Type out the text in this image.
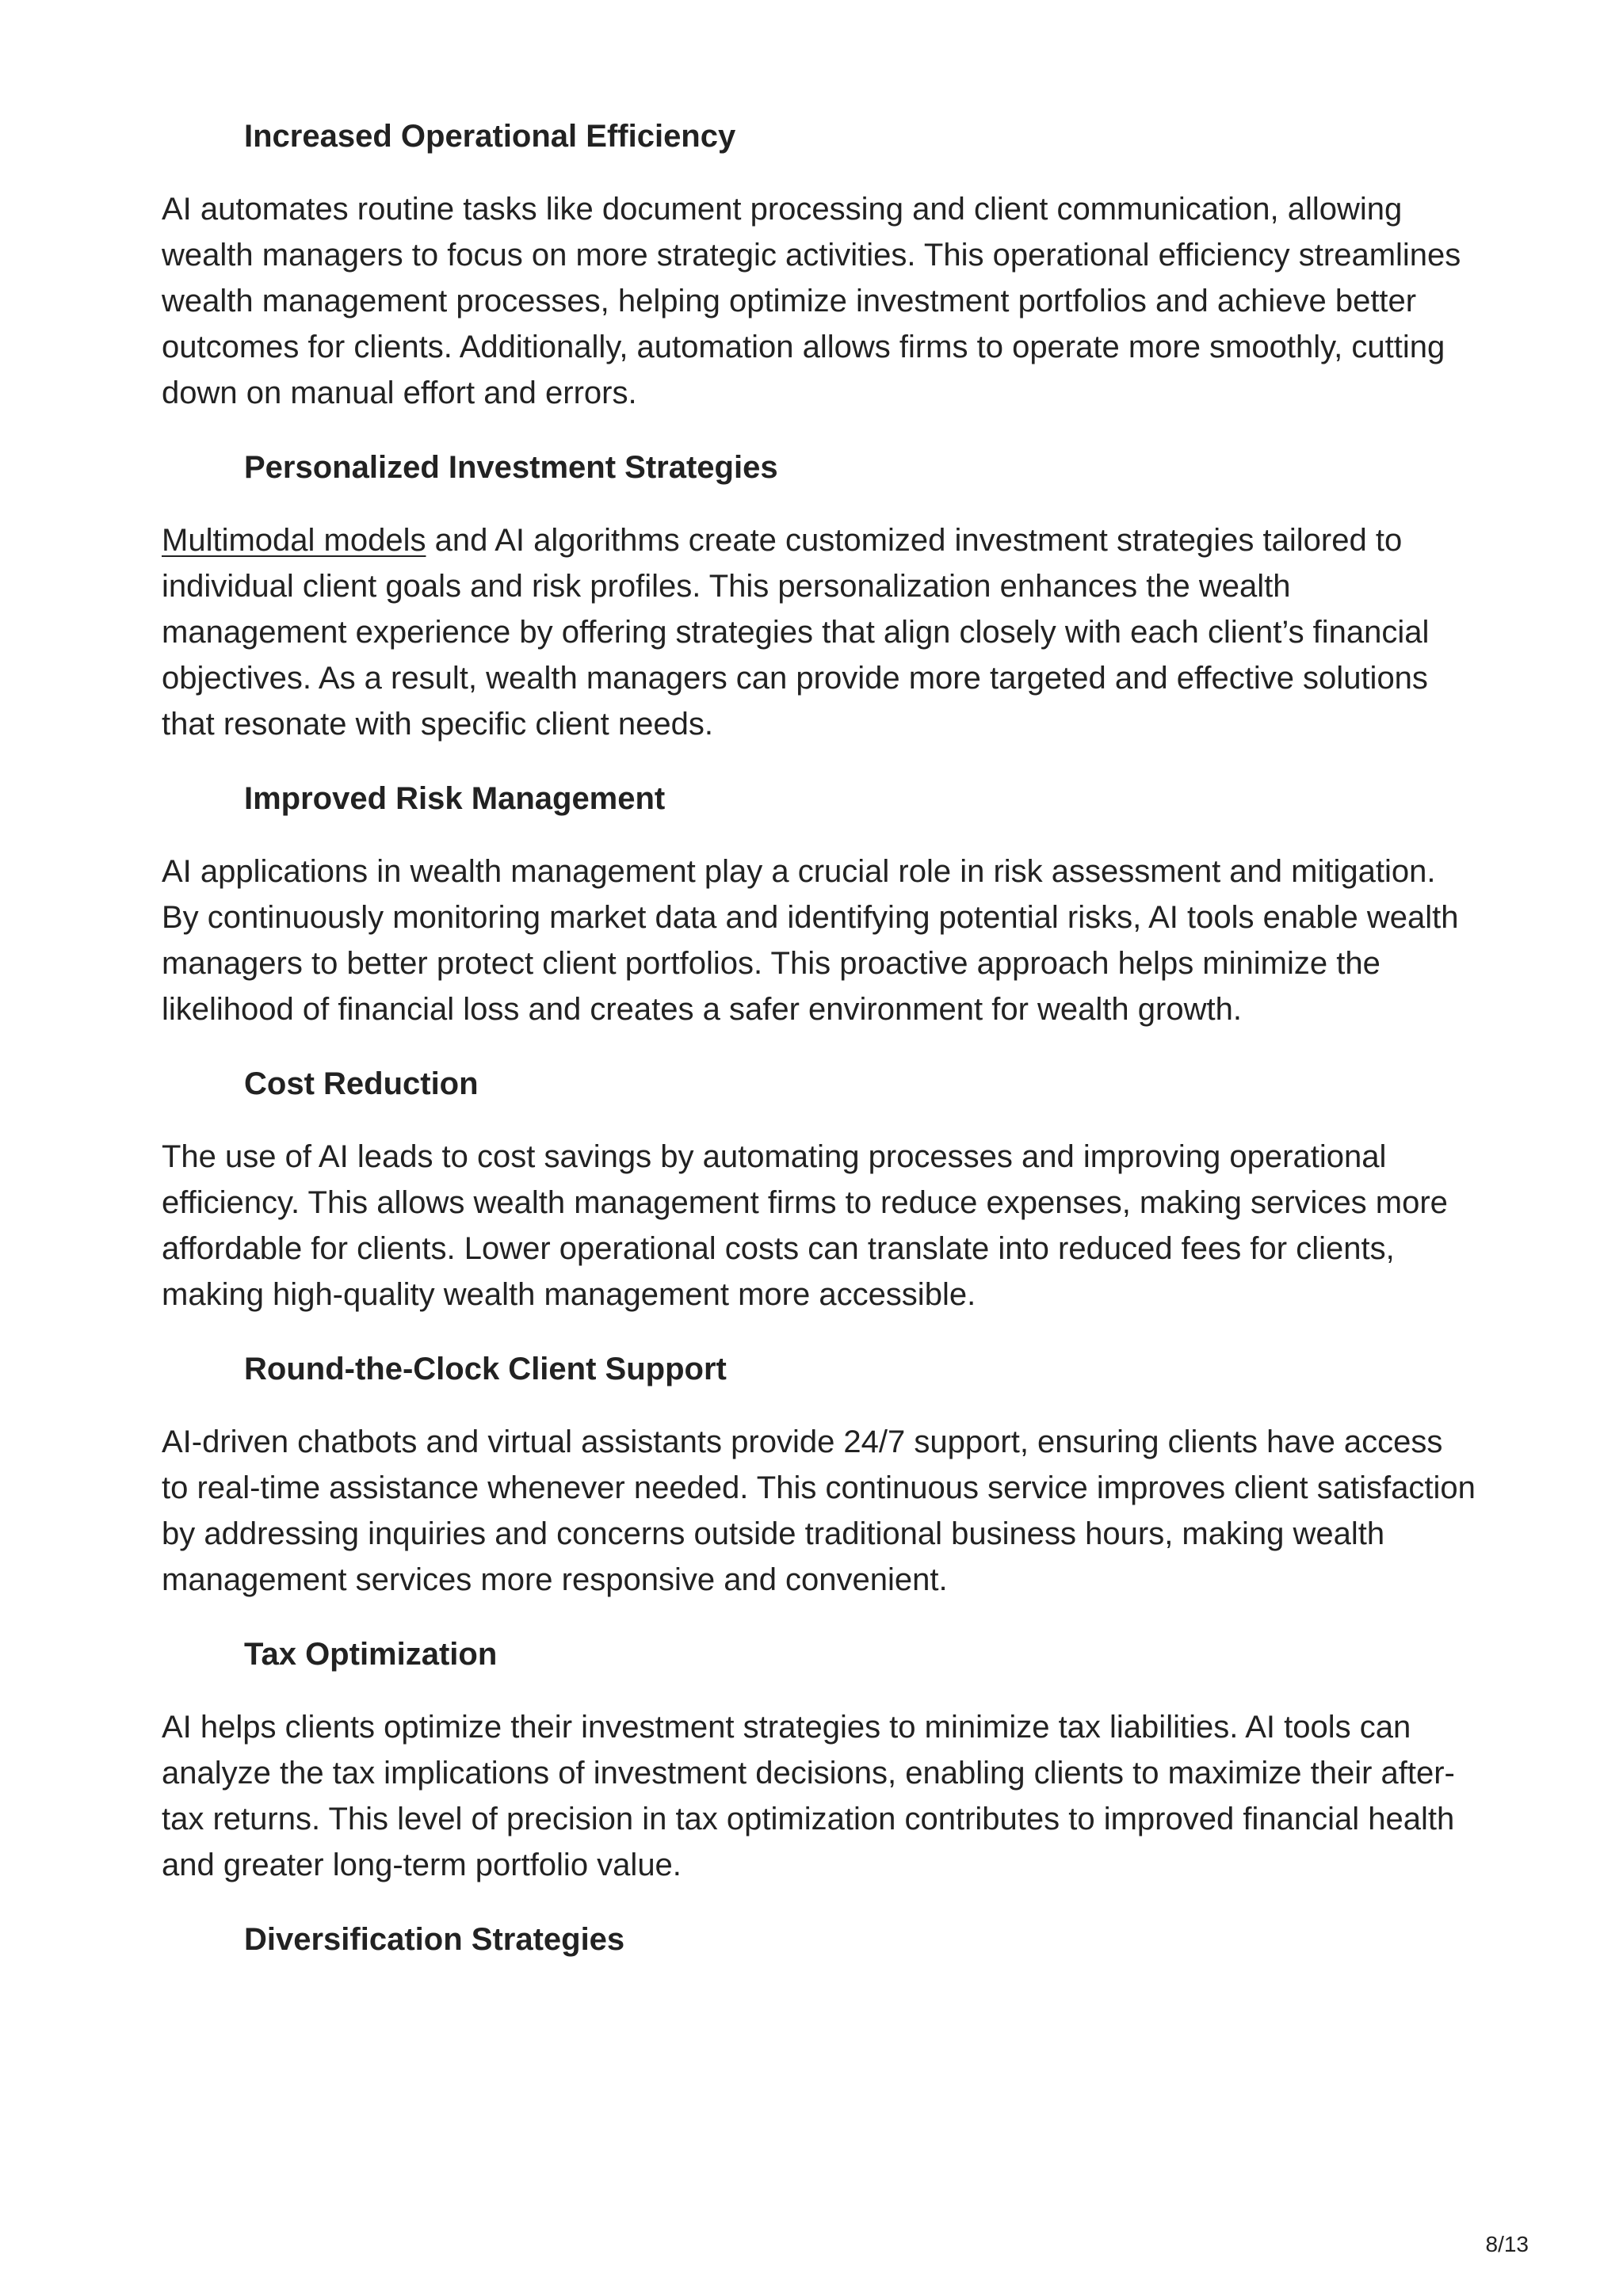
Increased Operational Efficiency

AI automates routine tasks like document processing and client communication, allowing wealth managers to focus on more strategic activities. This operational efficiency streamlines wealth management processes, helping optimize investment portfolios and achieve better outcomes for clients. Additionally, automation allows firms to operate more smoothly, cutting down on manual effort and errors.

Personalized Investment Strategies

Multimodal models and AI algorithms create customized investment strategies tailored to individual client goals and risk profiles. This personalization enhances the wealth management experience by offering strategies that align closely with each client’s financial objectives. As a result, wealth managers can provide more targeted and effective solutions that resonate with specific client needs.

Improved Risk Management

AI applications in wealth management play a crucial role in risk assessment and mitigation. By continuously monitoring market data and identifying potential risks, AI tools enable wealth managers to better protect client portfolios. This proactive approach helps minimize the likelihood of financial loss and creates a safer environment for wealth growth.

Cost Reduction

The use of AI leads to cost savings by automating processes and improving operational efficiency. This allows wealth management firms to reduce expenses, making services more affordable for clients. Lower operational costs can translate into reduced fees for clients, making high-quality wealth management more accessible.

Round-the-Clock Client Support

AI-driven chatbots and virtual assistants provide 24/7 support, ensuring clients have access to real-time assistance whenever needed. This continuous service improves client satisfaction by addressing inquiries and concerns outside traditional business hours, making wealth management services more responsive and convenient.

Tax Optimization

AI helps clients optimize their investment strategies to minimize tax liabilities. AI tools can analyze the tax implications of investment decisions, enabling clients to maximize their after-tax returns. This level of precision in tax optimization contributes to improved financial health and greater long-term portfolio value.

Diversification Strategies
8/13
